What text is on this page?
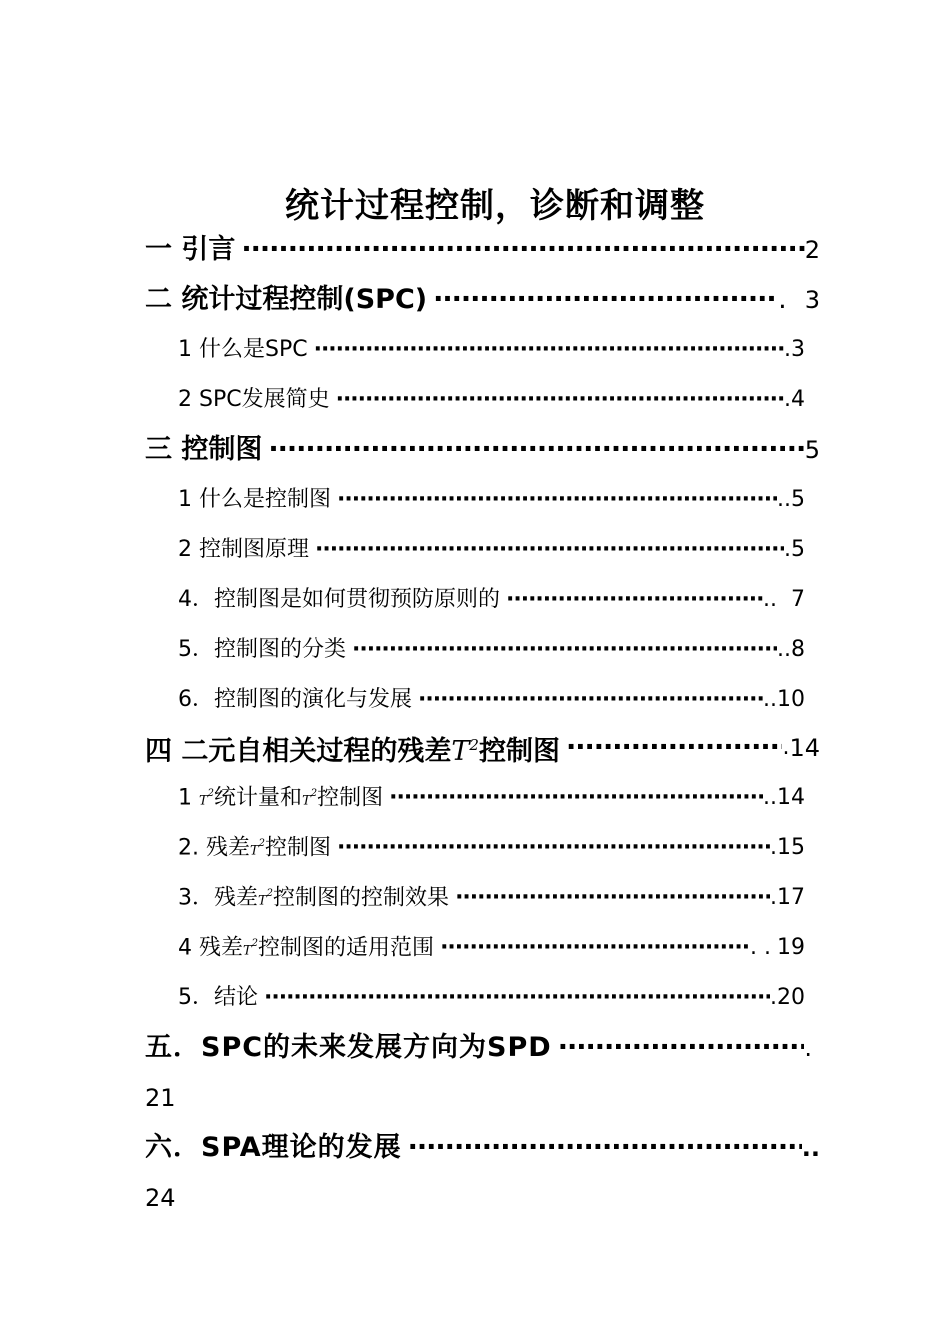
统计过程控制，诊断和调整
一 引言 ·····	2
二 统计过程控制(SPC) ·····	. 3
1 什么是SPC ·····	. 3
2 SPC发展简史 ·····	. 4
三 控制图 ·····	5
1 什么是控制图 ·····	.. 5
2 控制图原理 ·····	. 5
4．控制图是如何贯彻预防原则的 ·····	.. 7
5．控制图的分类 ·····	.. 8
6．控制图的演化与发展 ·····	.. 10
四 二元自相关过程的残差$T^2$控制图 ·····	. 14
1 $T^2$统计量和$T^2$控制图 ·····	.. 14
2. 残差$T^2$控制图 ·····	. 15
3．残差$T^2$控制图的控制效果 ·····	. 17
4 残差$T^2$控制图的适用范围 ·····	. . 19
5．结论 ·····	. 20
五．SPC的未来发展方向为SPD ·····	.
21
六．SPA理论的发展 ·····	..
24
